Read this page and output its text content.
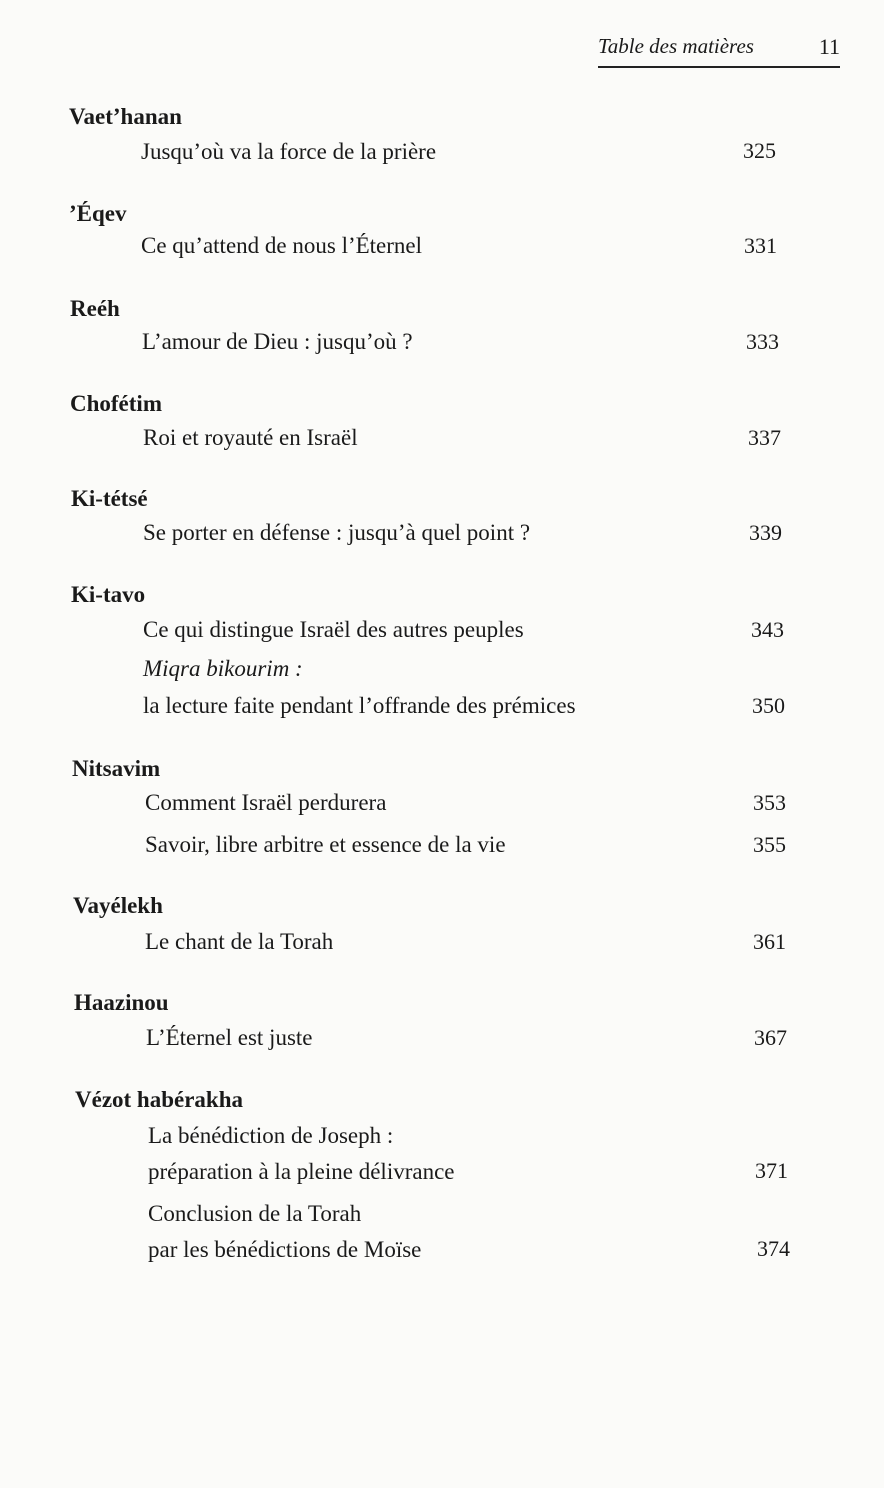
Table des matières	11
Vaet’hanan
Jusqu’où va la force de la prière	325
’Éqev
Ce qu’attend de nous l’Éternel	331
Reéh
L’amour de Dieu : jusqu’où ?	333
Chofétim
Roi et royauté en Israël	337
Ki-tétsé
Se porter en défense : jusqu’à quel point ?	339
Ki-tavo
Ce qui distingue Israël des autres peuples	343
Miqra bikourim :
la lecture faite pendant l’offrande des prémices	350
Nitsavim
Comment Israël perdurera	353
Savoir, libre arbitre et essence de la vie	355
Vayélekh
Le chant de la Torah	361
Haazinou
L’Éternel est juste	367
Vézot habérakha
La bénédiction de Joseph :
préparation à la pleine délivrance	371
Conclusion de la Torah
par les bénédictions de Moïse	374
